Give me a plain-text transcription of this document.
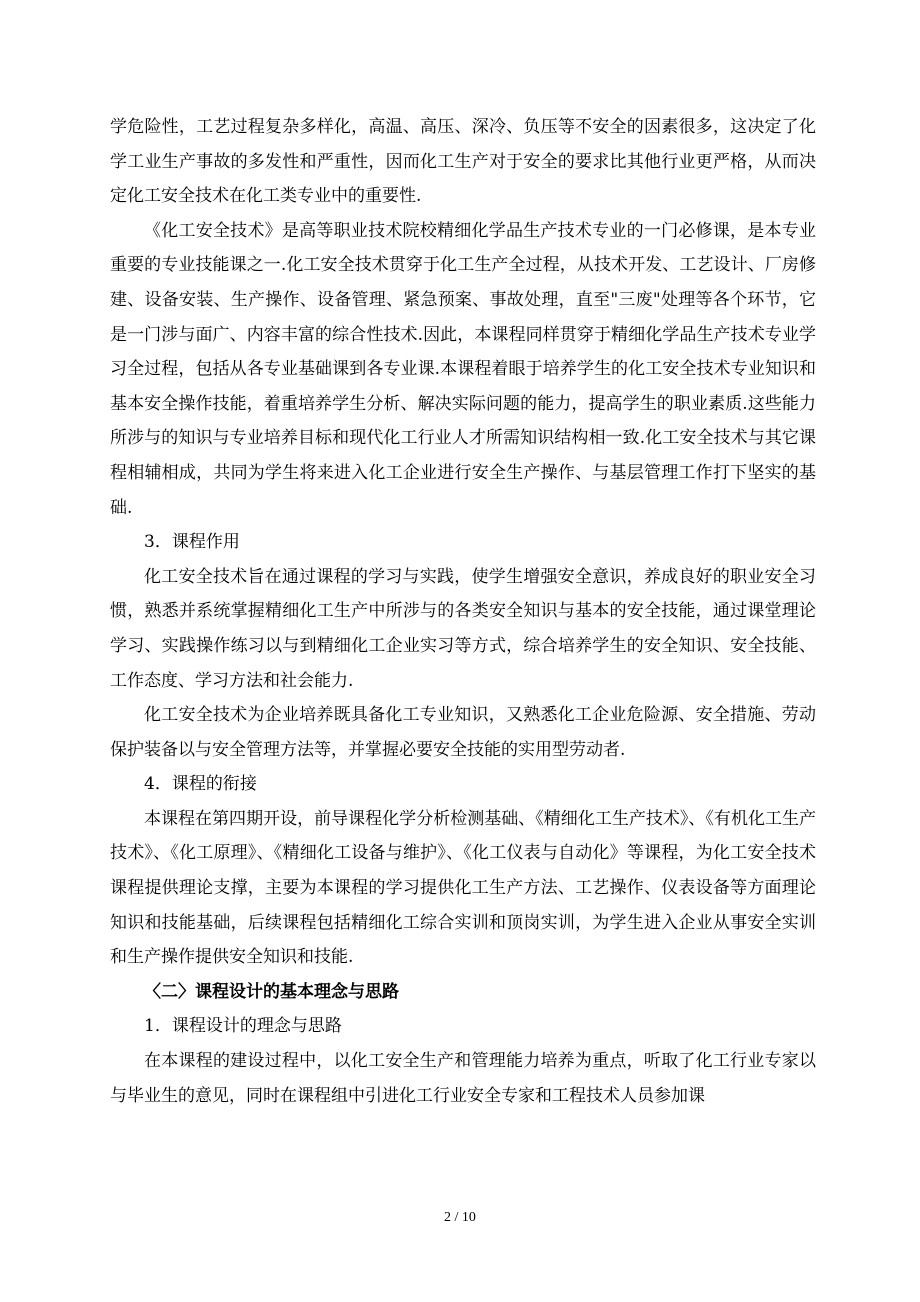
学危险性，工艺过程复杂多样化，高温、高压、深冷、负压等不安全的因素很多，这决定了化学工业生产事故的多发性和严重性，因而化工生产对于安全的要求比其他行业更严格，从而决定化工安全技术在化工类专业中的重要性.

《化工安全技术》是高等职业技术院校精细化学品生产技术专业的一门必修课，是本专业重要的专业技能课之一.化工安全技术贯穿于化工生产全过程，从技术开发、工艺设计、厂房修建、设备安装、生产操作、设备管理、紧急预案、事故处理，直至"三废"处理等各个环节，它是一门涉与面广、内容丰富的综合性技术.因此，本课程同样贯穿于精细化学品生产技术专业学习全过程，包括从各专业基础课到各专业课.本课程着眼于培养学生的化工安全技术专业知识和基本安全操作技能，着重培养学生分析、解决实际问题的能力，提高学生的职业素质.这些能力所涉与的知识与专业培养目标和现代化工行业人才所需知识结构相一致.化工安全技术与其它课程相辅相成，共同为学生将来进入化工企业进行安全生产操作、与基层管理工作打下坚实的基础.

3．课程作用

化工安全技术旨在通过课程的学习与实践，使学生增强安全意识，养成良好的职业安全习惯，熟悉并系统掌握精细化工生产中所涉与的各类安全知识与基本的安全技能，通过课堂理论学习、实践操作练习以与到精细化工企业实习等方式，综合培养学生的安全知识、安全技能、工作态度、学习方法和社会能力.

化工安全技术为企业培养既具备化工专业知识，又熟悉化工企业危险源、安全措施、劳动保护装备以与安全管理方法等，并掌握必要安全技能的实用型劳动者.

4．课程的衔接

本课程在第四期开设，前导课程化学分析检测基础、《精细化工生产技术》、《有机化工生产技术》、《化工原理》、《精细化工设备与维护》、《化工仪表与自动化》等课程，为化工安全技术课程提供理论支撑，主要为本课程的学习提供化工生产方法、工艺操作、仪表设备等方面理论知识和技能基础，后续课程包括精细化工综合实训和顶岗实训，为学生进入企业从事安全实训和生产操作提供安全知识和技能.

〈二〉课程设计的基本理念与思路

1．课程设计的理念与思路

在本课程的建设过程中，以化工安全生产和管理能力培养为重点，听取了化工行业专家以与毕业生的意见，同时在课程组中引进化工行业安全专家和工程技术人员参加课

2 / 10
